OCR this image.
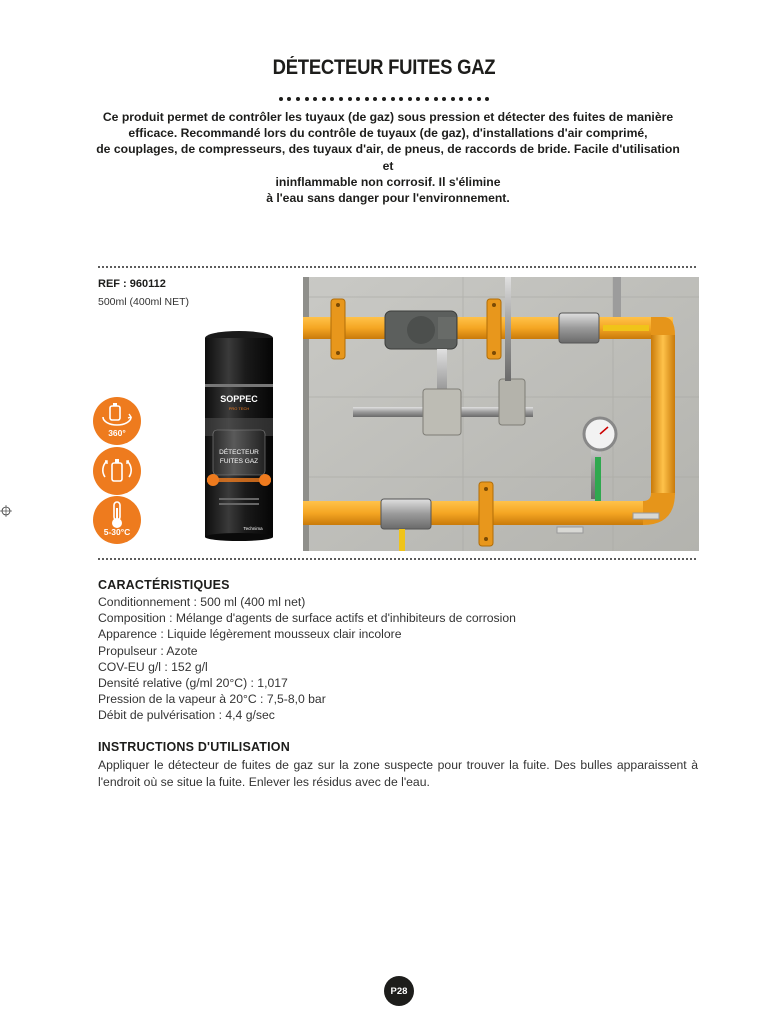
DÉTECTEUR FUITES GAZ
Ce produit permet de contrôler les tuyaux (de gaz) sous pression et détecter des fuites de manière
efficace. Recommandé lors du contrôle de tuyaux (de gaz), d'installations d'air comprimé,
de couplages, de compresseurs, des tuyaux d'air, de pneus, de raccords de bride. Facile d'utilisation et
ininflammable non corrosif. Il s'élimine
à l'eau sans danger pour l'environnement.
REF : 960112
500ml (400ml NET)
360°
5-30°C
SOPPEC
PRO TECH
DÉTECTEUR
FUITES GAZ
Technima
CARACTÉRISTIQUES
Conditionnement : 500 ml (400 ml net)
Composition : Mélange d'agents de surface actifs et d'inhibiteurs de corrosion
Apparence : Liquide légèrement mousseux clair incolore
Propulseur : Azote
COV-EU g/l : 152 g/l
Densité relative (g/ml 20°C) : 1,017
Pression de la vapeur à 20°C : 7,5-8,0 bar
Débit de pulvérisation : 4,4 g/sec
INSTRUCTIONS D'UTILISATION
Appliquer le détecteur de fuites de gaz sur la zone suspecte pour trouver la fuite. Des bulles apparaissent à l'endroit où se situe la fuite. Enlever les résidus avec de l'eau.
P28
